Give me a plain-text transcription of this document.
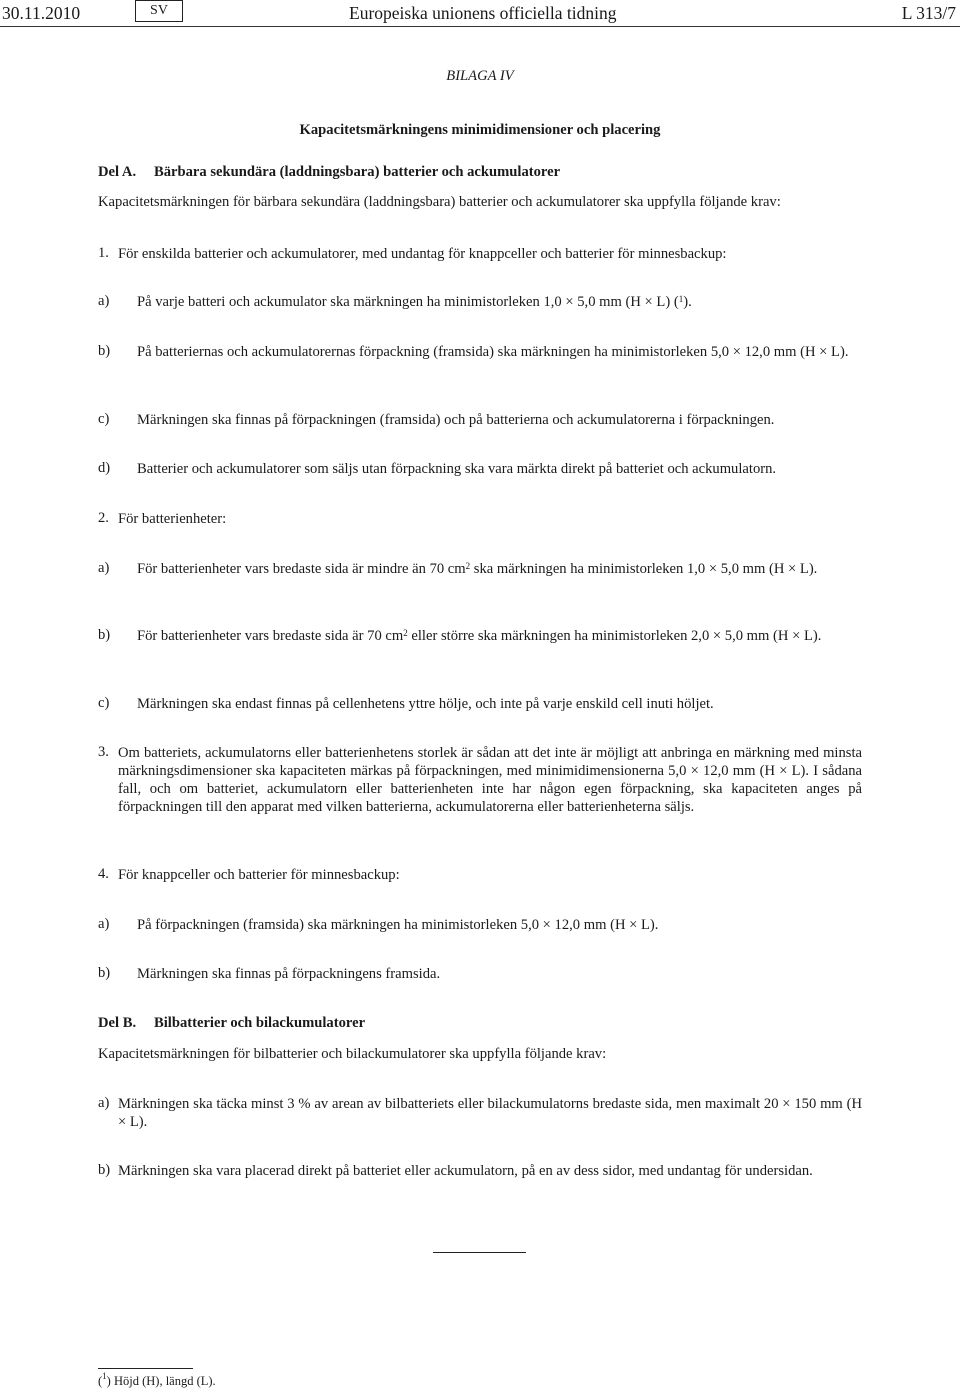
30.11.2010	SV	Europeiska unionens officiella tidning	L 313/7
BILAGA IV
Kapacitetsmärkningens minimidimensioner och placering
Del A. Bärbara sekundära (laddningsbara) batterier och ackumulatorer
Kapacitetsmärkningen för bärbara sekundära (laddningsbara) batterier och ackumulatorer ska uppfylla följande krav:
1. För enskilda batterier och ackumulatorer, med undantag för knappceller och batterier för minnesbackup:
a) På varje batteri och ackumulator ska märkningen ha minimistorleken 1,0 × 5,0 mm (H × L) ($^1$).
b) På batteriernas och ackumulatorernas förpackning (framsida) ska märkningen ha minimistorleken 5,0 × 12,0 mm (H × L).
c) Märkningen ska finnas på förpackningen (framsida) och på batterierna och ackumulatorerna i förpackningen.
d) Batterier och ackumulatorer som säljs utan förpackning ska vara märkta direkt på batteriet och ackumulatorn.
2. För batterienheter:
a) För batterienheter vars bredaste sida är mindre än 70 $cm^2$ ska märkningen ha minimistorleken 1,0 × 5,0 mm (H × L).
b) För batterienheter vars bredaste sida är 70 $cm^2$ eller större ska märkningen ha minimistorleken 2,0 × 5,0 mm (H × L).
c) Märkningen ska endast finnas på cellenhetens yttre hölje, och inte på varje enskild cell inuti höljet.
3. Om batteriets, ackumulatorns eller batterienhetens storlek är sådan att det inte är möjligt att anbringa en märkning med minsta märkningsdimensioner ska kapaciteten märkas på förpackningen, med minimidimensionerna 5,0 × 12,0 mm (H × L). I sådana fall, och om batteriet, ackumulatorn eller batterienheten inte har någon egen förpackning, ska kapaciteten anges på förpackningen till den apparat med vilken batterierna, ackumulatorerna eller batterienheterna säljs.
4. För knappceller och batterier för minnesbackup:
a) På förpackningen (framsida) ska märkningen ha minimistorleken 5,0 × 12,0 mm (H × L).
b) Märkningen ska finnas på förpackningens framsida.
Del B. Bilbatterier och bilackumulatorer
Kapacitetsmärkningen för bilbatterier och bilackumulatorer ska uppfylla följande krav:
a) Märkningen ska täcka minst 3 % av arean av bilbatteriets eller bilackumulatorns bredaste sida, men maximalt 20 × 150 mm (H × L).
b) Märkningen ska vara placerad direkt på batteriet eller ackumulatorn, på en av dess sidor, med undantag för undersidan.
($^1$) Höjd (H), längd (L).
